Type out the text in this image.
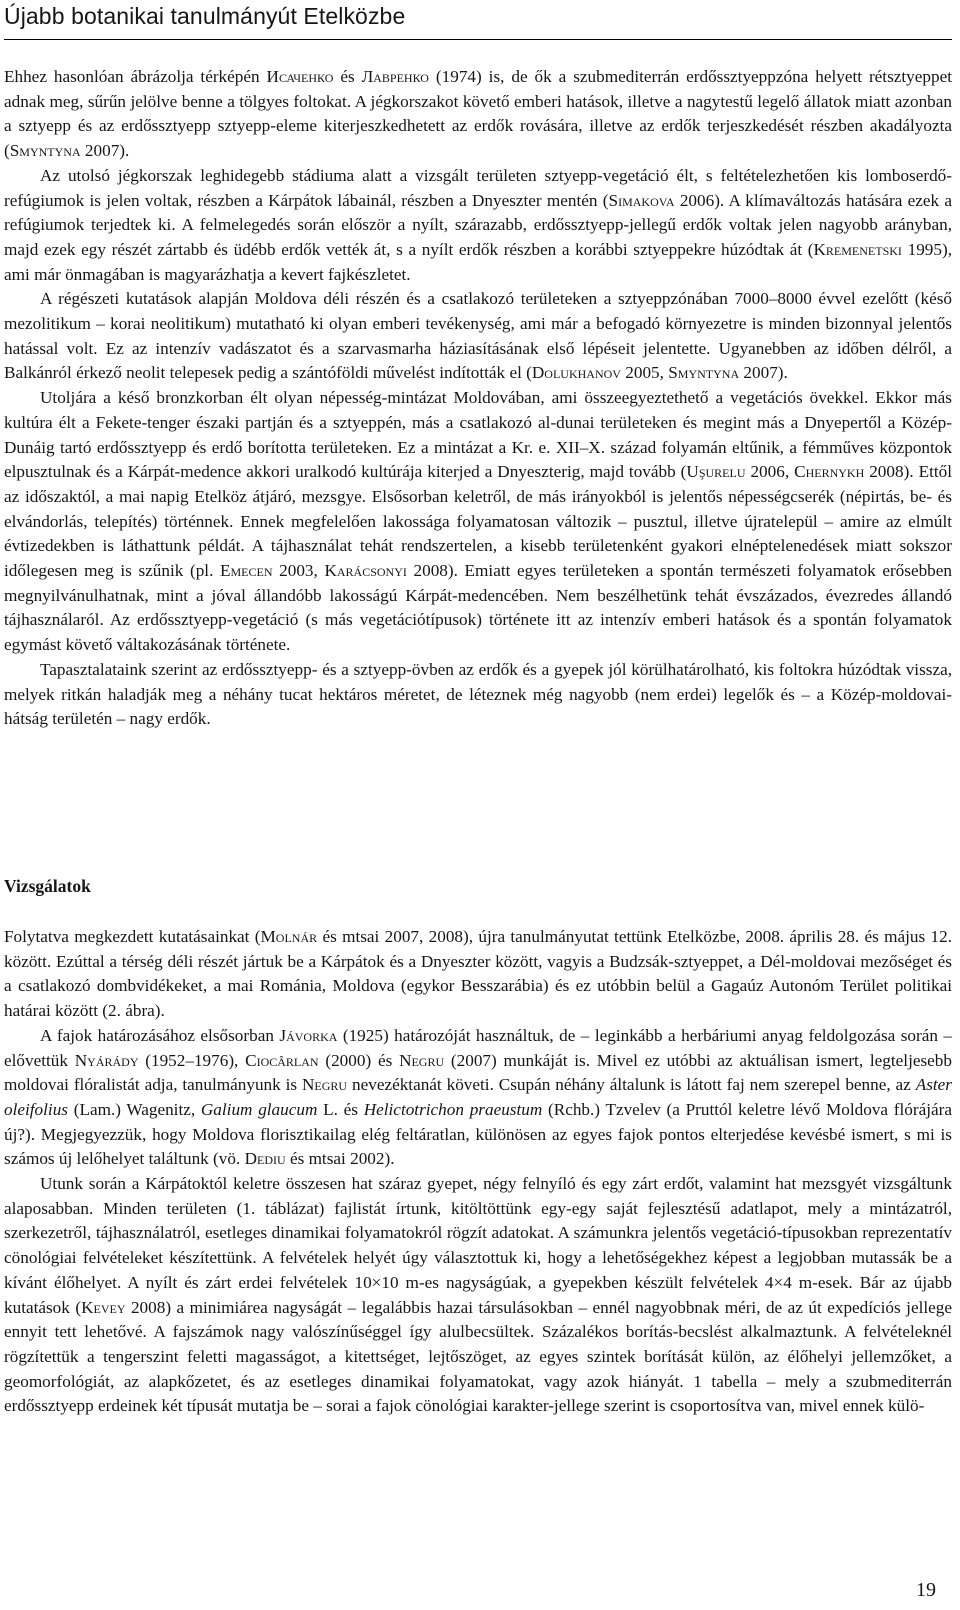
Újabb botanikai tanulmányút Etelközbe

Ehhez hasonlóan ábrázolja térképén Исаченко és Лавренко (1974) is, de ők a szubmediterrán erdőssztyeppzóna helyett rétsztyeppet adnak meg, sűrűn jelölve benne a tölgyes foltokat. A jégkorszakot követő emberi hatások, illetve a nagytestű legelő állatok miatt azonban a sztyepp és az erdőssztyepp sztyepp-eleme kiterjeszkedhetett az erdők rovására, illetve az erdők terjeszkedését részben akadályozta (Smyntyna 2007).

Az utolsó jégkorszak leghidegebb stádiuma alatt a vizsgált területen sztyepp-vegetáció élt, s feltételezhetően kis lomboserdő-refúgiumok is jelen voltak, részben a Kárpátok lábainál, részben a Dnyeszter mentén (Simakova 2006). A klímaváltozás hatására ezek a refúgiumok terjedtek ki. A felmelegedés során először a nyílt, szárazabb, erdőssztyepp-jellegű erdők voltak jelen nagyobb arányban, majd ezek egy részét zártabb és üdébb erdők vették át, s a nyílt erdők részben a korábbi sztyeppekre húzódtak át (Kremenetski 1995), ami már önmagában is magyarázhatja a kevert fajkészletet.

A régészeti kutatások alapján Moldova déli részén és a csatlakozó területeken a sztyeppzónában 7000–8000 évvel ezelőtt (késő mezolitikum – korai neolitikum) mutatható ki olyan emberi tevékenység, ami már a befogadó környezetre is minden bizonnyal jelentős hatással volt. Ez az intenzív vadászatot és a szarvasmarha háziasításának első lépéseit jelentette. Ugyanebben az időben délről, a Balkánról érkező neolit telepesek pedig a szántóföldi művelést indították el (Dolukhanov 2005, Smyntyna 2007).

Utoljára a késő bronzkorban élt olyan népesség-mintázat Moldovában, ami összeegyeztethető a vegetációs övekkel. Ekkor más kultúra élt a Fekete-tenger északi partján és a sztyeppén, más a csatlakozó al-dunai területeken és megint más a Dnyepertől a Közép-Dunáig tartó erdőssztyepp és erdő borította területeken. Ez a mintázat a Kr. e. XII–X. század folyamán eltűnik, a fémműves központok elpusztulnak és a Kárpát-medence akkori uralkodó kultúrája kiterjed a Dnyeszterig, majd tovább (Uşurelu 2006, Chernykh 2008). Ettől az időszaktól, a mai napig Etelköz átjáró, mezsgye. Elsősorban keletről, de más irányokból is jelentős népességcserék (népirtás, be- és elvándorlás, telepítés) történnek. Ennek megfelelően lakossága folyamatosan változik – pusztul, illetve újratelepül – amire az elmúlt évtizedekben is láthattunk példát. A tájhasználat tehát rendszertelen, a kisebb területenként gyakori elnéptelenedések miatt sokszor időlegesen meg is szűnik (pl. Emecen 2003, Karácsonyi 2008). Emiatt egyes területeken a spontán természeti folyamatok erősebben megnyilvánulhatnak, mint a jóval állandóbb lakosságú Kárpát-medencében. Nem beszélhetünk tehát évszázados, évezredes állandó tájhasználaról. Az erdőssztyepp-vegetáció (s más vegetációtípusok) története itt az intenzív emberi hatások és a spontán folyamatok egymást követő váltakozásának története.

Tapasztalataink szerint az erdőssztyepp- és a sztyepp-övben az erdők és a gyepek jól körülhatárolható, kis foltokra húzódtak vissza, melyek ritkán haladják meg a néhány tucat hektáros méretet, de léteznek még nagyobb (nem erdei) legelők és – a Közép-moldovai-hátság területén – nagy erdők.

Vizsgálatok

Folytatva megkezdett kutatásainkat (Molnár és mtsai 2007, 2008), újra tanulmányutat tettünk Etelközbe, 2008. április 28. és május 12. között. Ezúttal a térség déli részét jártuk be a Kárpátok és a Dnyeszter között, vagyis a Budzsák-sztyeppet, a Dél-moldovai mezőséget és a csatlakozó dombvidékeket, a mai Románia, Moldova (egykor Besszarábia) és ez utóbbin belül a Gagaúz Autonóm Terület politikai határai között (2. ábra).

A fajok határozásához elsősorban Jávorka (1925) határozóját használtuk, de – leginkább a herbáriumi anyag feldolgozása során – elővettük Nyárády (1952–1976), Ciocârlan (2000) és Negru (2007) munkáját is. Mivel ez utóbbi az aktuálisan ismert, legteljesebb moldovai flóralistát adja, tanulmányunk is Negru nevezéktanát követi. Csupán néhány általunk is látott faj nem szerepel benne, az Aster oleifolius (Lam.) Wagenitz, Galium glaucum L. és Helictotrichon praeustum (Rchb.) Tzvelev (a Pruttól keletre lévő Moldova flórájára új?). Megjegyezzük, hogy Moldova florisztikailag elég feltáratlan, különösen az egyes fajok pontos elterjedése kevésbé ismert, s mi is számos új lelőhelyet találtunk (vö. Dediu és mtsai 2002).

Utunk során a Kárpátoktól keletre összesen hat száraz gyepet, négy felnyíló és egy zárt erdőt, valamint hat mezsgyét vizsgáltunk alaposabban. Minden területen (1. táblázat) fajlistát írtunk, kitöltöttünk egy-egy saját fejlesztésű adatlapot, mely a mintázatról, szerkezetről, tájhasználatról, esetleges dinamikai folyamatokról rögzít adatokat. A számunkra jelentős vegetáció-típusokban reprezentatív cönológiai felvételeket készítettünk. A felvételek helyét úgy választottuk ki, hogy a lehetőségekhez képest a legjobban mutassák be a kívánt élőhelyet. A nyílt és zárt erdei felvételek 10×10 m-es nagyságúak, a gyepekben készült felvételek 4×4 m-esek. Bár az újabb kutatások (Kevey 2008) a minimiárea nagyságát – legalábbis hazai társulásokban – ennél nagyobbnak méri, de az út expedíciós jellege ennyit tett lehetővé. A fajszámok nagy valószínűséggel így alulbecsültek. Százalékos borítás-becslést alkalmaztunk. A felvételeknél rögzítettük a tengerszint feletti magasságot, a kitettséget, lejtőszöget, az egyes szintek borítását külön, az élőhelyi jellemzőket, a geomorfológiát, az alapkőzetet, és az esetleges dinamikai folyamatokat, vagy azok hiányát. 1 tabella – mely a szubmediterrán erdőssztyepp erdeinek két típusát mutatja be – sorai a fajok cönológiai karakter-jellege szerint is csoportosítva van, mivel ennek külö-

19
